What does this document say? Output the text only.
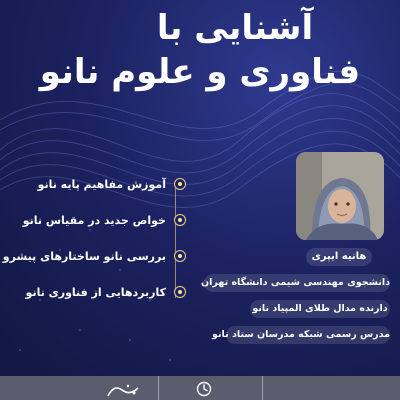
آشنایی با
فناوری و علوم نانو
آموزش مفاهیم پایه نانو
خواص جدید در مقیاس نانو
بررسی نانو ساختارهای پیشرو
کاربردهایی از فناوری نانو
هانیه ایپری
دانشجوی مهندسی شیمی دانشگاه تهران
دارنده مدال طلای المپیاد نانو
مدرس رسمی شبکه مدرسان ستاد نانو
